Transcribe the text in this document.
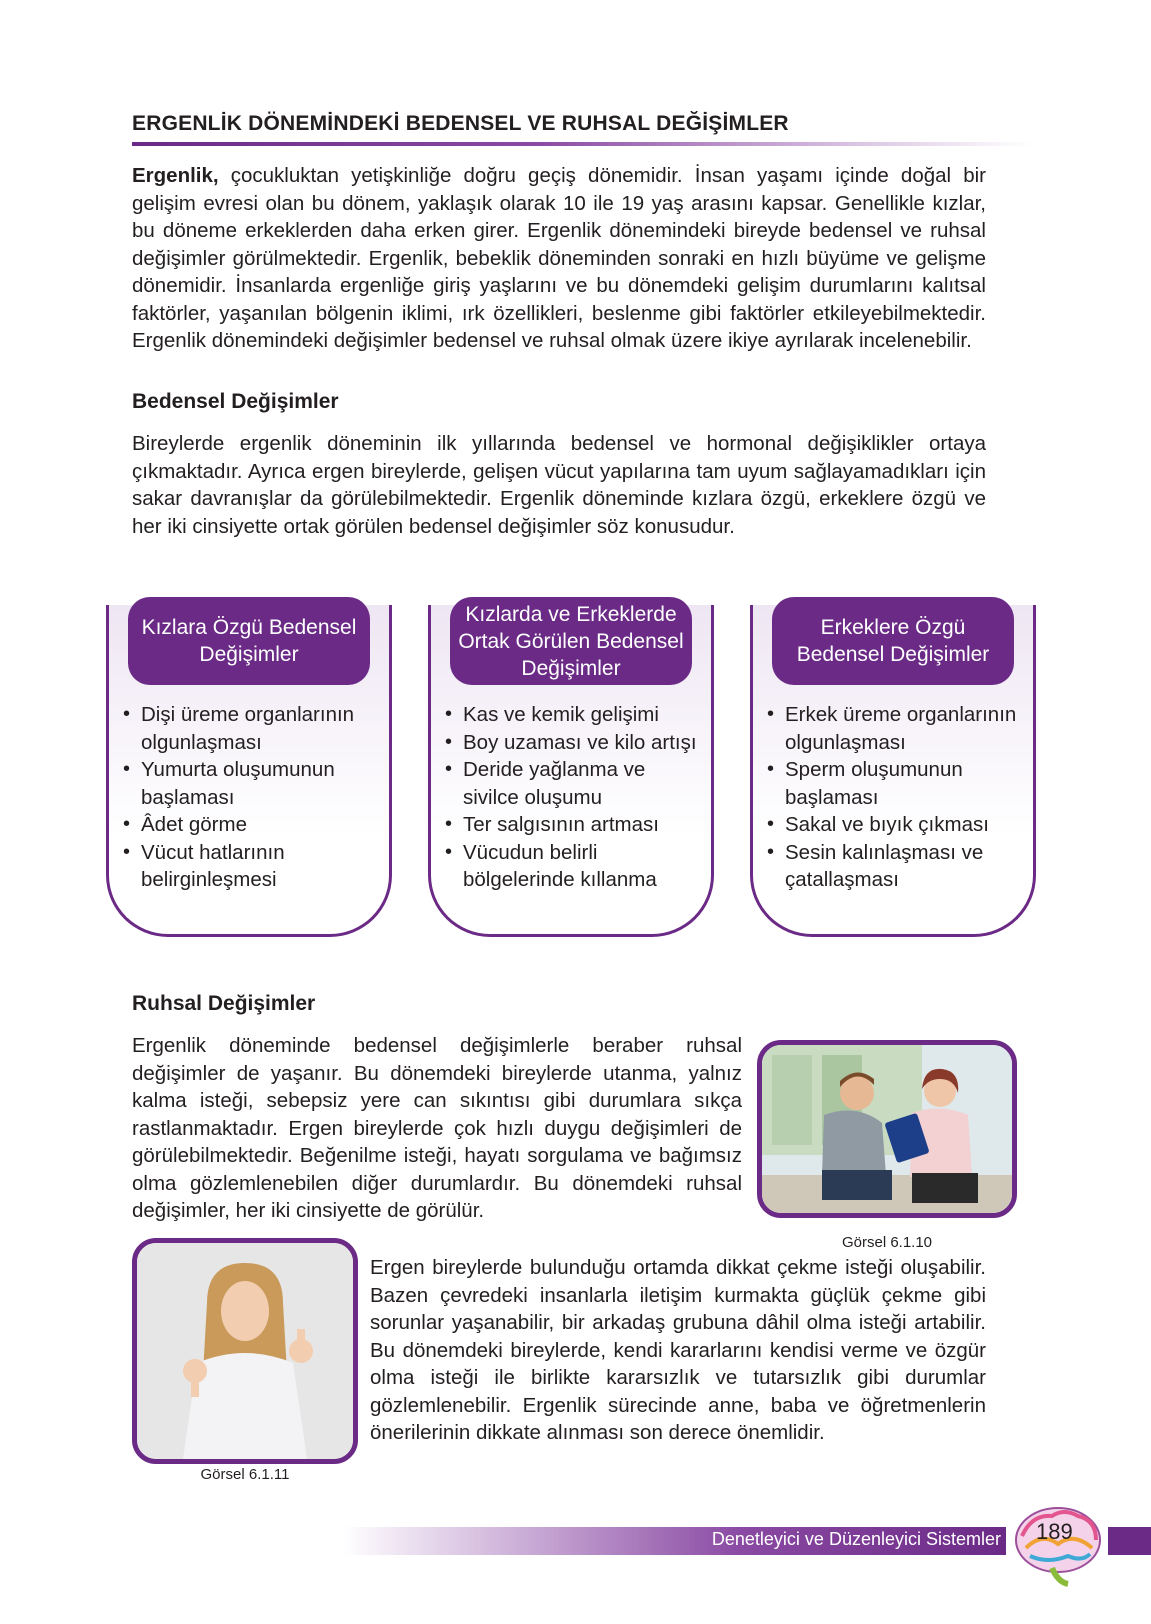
ERGENLİK DÖNEMİNDEKİ BEDENSEL VE RUHSAL DEĞİŞİMLER

Ergenlik, çocukluktan yetişkinliğe doğru geçiş dönemidir. İnsan yaşamı içinde doğal bir gelişim evresi olan bu dönem, yaklaşık olarak 10 ile 19 yaş arasını kapsar. Genellikle kızlar, bu döneme erkeklerden daha erken girer. Ergenlik dönemindeki bireyde bedensel ve ruhsal değişimler görülmektedir. Ergenlik, bebeklik döneminden sonraki en hızlı büyüme ve gelişme dönemidir. İnsanlarda ergenliğe giriş yaşlarını ve bu dönemdeki gelişim durumlarını kalıtsal faktörler, yaşanılan bölgenin iklimi, ırk özellikleri, beslenme gibi faktörler etkileyebilmektedir. Ergenlik dönemindeki değişimler bedensel ve ruhsal olmak üzere ikiye ayrılarak incelenebilir.

Bedensel Değişimler

Bireylerde ergenlik döneminin ilk yıllarında bedensel ve hormonal değişiklikler ortaya çıkmaktadır. Ayrıca ergen bireylerde, gelişen vücut yapılarına tam uyum sağlayamadıkları için sakar davranışlar da görülebilmektedir. Ergenlik döneminde kızlara özgü, erkeklere özgü ve her iki cinsiyette ortak görülen bedensel değişimler söz konusudur.

• Dişi üreme organlarının olgunlaşması
• Yumurta oluşumunun başlaması
• Âdet görme
• Vücut hatlarının belirginleşmesi
Kızlara Özgü Bedensel Değişimler
• Kas ve kemik gelişimi
• Boy uzaması ve kilo artışı
• Deride yağlanma ve sivilce oluşumu
• Ter salgısının artması
• Vücudun belirli bölgelerinde kıllanma
Kızlarda ve Erkeklerde Ortak Görülen Bedensel Değişimler
• Erkek üreme organlarının olgunlaşması
• Sperm oluşumunun başlaması
• Sakal ve bıyık çıkması
• Sesin kalınlaşması ve çatallaşması
Erkeklere Özgü Bedensel Değişimler
Ruhsal Değişimler

Ergenlik döneminde bedensel değişimlerle beraber ruhsal değişimler de yaşanır. Bu dönemdeki bireylerde utanma, yalnız kalma isteği, sebepsiz yere can sıkıntısı gibi durumlara sıkça rastlanmaktadır. Ergen bireylerde çok hızlı duygu değişimleri de görülebilmektedir. Beğenilme isteği, hayatı sorgulama ve bağımsız olma gözlemlenebilen diğer durumlardır. Bu dönemdeki ruhsal değişimler, her iki cinsiyette de görülür.

Görsel 6.1.10
Görsel 6.1.11

Ergen bireylerde bulunduğu ortamda dikkat çekme isteği oluşabilir. Bazen çevredeki insanlarla iletişim kurmakta güçlük çekme gibi sorunlar yaşanabilir, bir arkadaş grubuna dâhil olma isteği artabilir. Bu dönemdeki bireylerde, kendi kararlarını kendisi verme ve özgür olma isteği ile birlikte kararsızlık ve tutarsızlık gibi durumlar gözlemlenebilir. Ergenlik sürecinde anne, baba ve öğretmenlerin önerilerinin dikkate alınması son derece önemlidir.

Denetleyici ve Düzenleyici Sistemler 189
